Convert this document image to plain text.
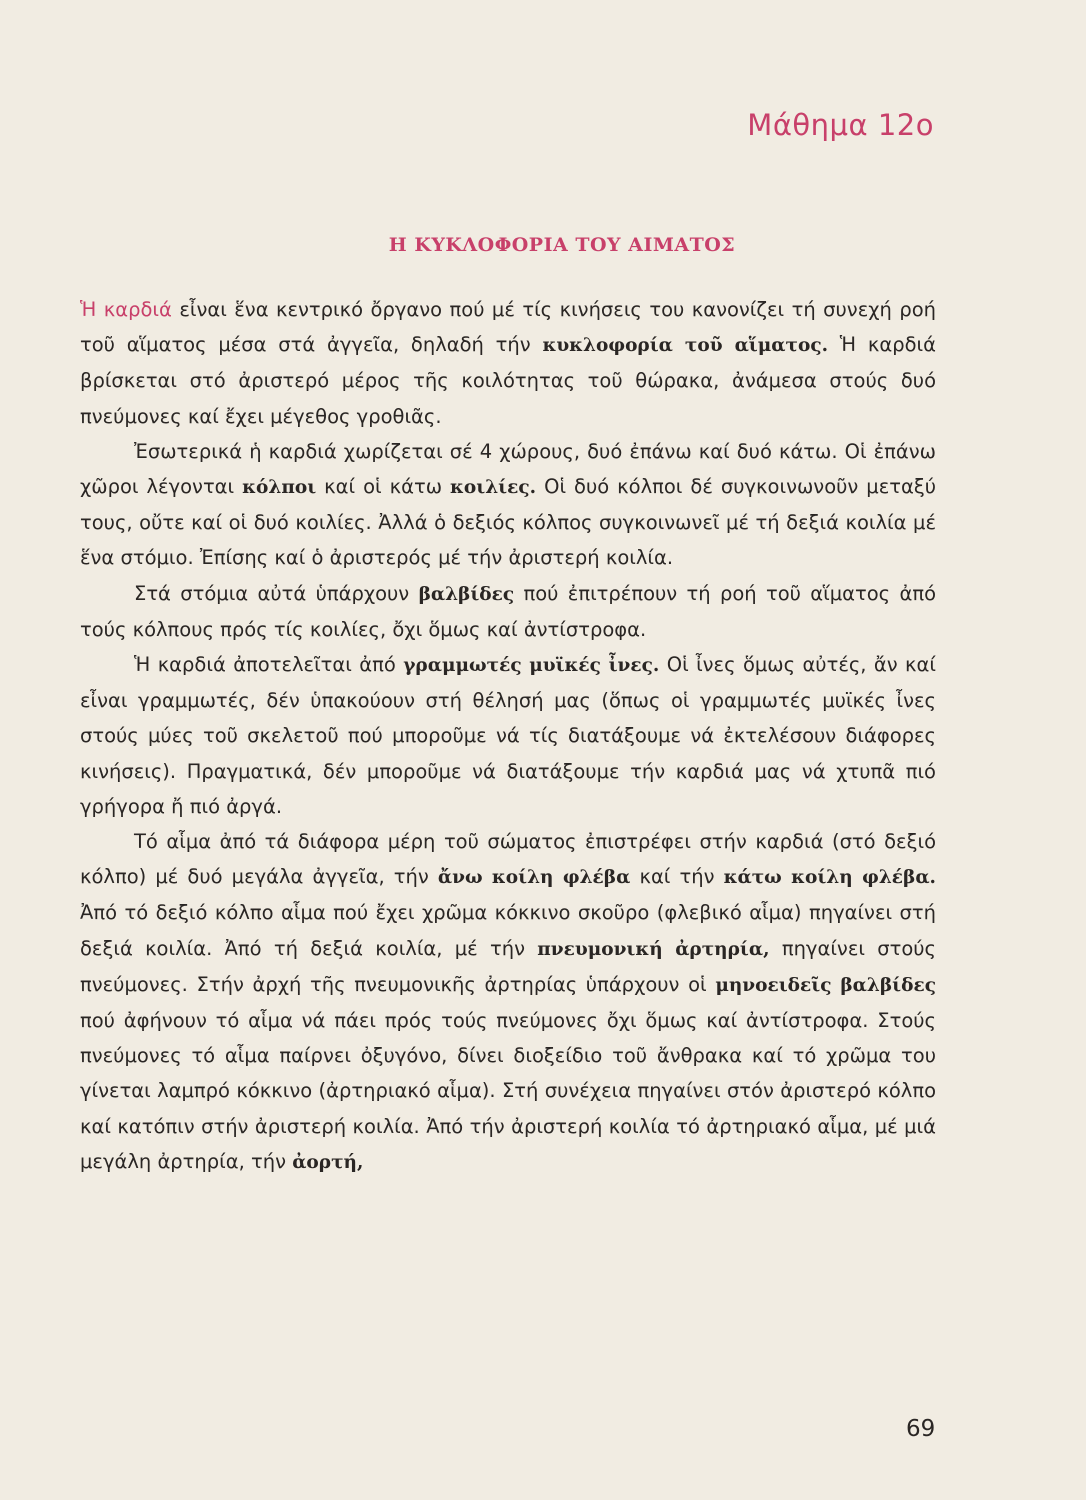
Μάθημα 12ο
Η ΚΥΚΛΟΦΟΡΙΑ ΤΟΥ ΑΙΜΑΤΟΣ

Ἡ καρδιά εἶναι ἕνα κεντρικό ὄργανο πού μέ τίς κινήσεις του κανονίζει τή συνεχή ροή τοῦ αἵματος μέσα στά ἀγγεῖα, δηλαδή τήν κυκλοφορία τοῦ αἵματος. Ἡ καρδιά βρίσκεται στό ἀριστερό μέρος τῆς κοιλότητας τοῦ θώρακα, ἀνάμεσα στούς δυό πνεύμονες καί ἔχει μέγεθος γροθιᾶς.

Ἐσωτερικά ἡ καρδιά χωρίζεται σέ 4 χώρους, δυό ἐπάνω καί δυό κάτω. Οἱ ἐπάνω χῶροι λέγονται κόλποι καί οἱ κάτω κοιλίες. Οἱ δυό κόλποι δέ συγκοινωνοῦν μεταξύ τους, οὔτε καί οἱ δυό κοιλίες. Ἀλλά ὁ δεξιός κόλπος συγκοινωνεῖ μέ τή δεξιά κοιλία μέ ἕνα στόμιο. Ἐπίσης καί ὁ ἀριστερός μέ τήν ἀριστερή κοιλία.

Στά στόμια αὐτά ὑπάρχουν βαλβίδες πού ἐπιτρέπουν τή ροή τοῦ αἵματος ἀπό τούς κόλπους πρός τίς κοιλίες, ὄχι ὅμως καί ἀντίστροφα.

Ἡ καρδιά ἀποτελεῖται ἀπό γραμμωτές μυϊκές ἶνες. Οἱ ἶνες ὅμως αὐτές, ἄν καί εἶναι γραμμωτές, δέν ὑπακούουν στή θέλησή μας (ὅπως οἱ γραμμωτές μυϊκές ἶνες στούς μύες τοῦ σκελετοῦ πού μποροῦμε νά τίς διατάξουμε νά ἐκτελέσουν διάφορες κινήσεις). Πραγματικά, δέν μποροῦμε νά διατάξουμε τήν καρδιά μας νά χτυπᾶ πιό γρήγορα ἤ πιό ἀργά.

Τό αἷμα ἀπό τά διάφορα μέρη τοῦ σώματος ἐπιστρέφει στήν καρδιά (στό δεξιό κόλπο) μέ δυό μεγάλα ἀγγεῖα, τήν ἄνω κοίλη φλέβα καί τήν κάτω κοίλη φλέβα. Ἀπό τό δεξιό κόλπο αἷμα πού ἔχει χρῶμα κόκκινο σκοῦρο (φλεβικό αἷμα) πηγαίνει στή δεξιά κοιλία. Ἀπό τή δεξιά κοιλία, μέ τήν πνευμονική ἀρτηρία, πηγαίνει στούς πνεύμονες. Στήν ἀρχή τῆς πνευμονικῆς ἀρτηρίας ὑπάρχουν οἱ μηνοειδεῖς βαλβίδες πού ἀφήνουν τό αἷμα νά πάει πρός τούς πνεύμονες ὄχι ὅμως καί ἀντίστροφα. Στούς πνεύμονες τό αἷμα παίρνει ὀξυγόνο, δίνει διοξείδιο τοῦ ἄνθρακα καί τό χρῶμα του γίνεται λαμπρό κόκκινο (ἀρτηριακό αἷμα). Στή συνέχεια πηγαίνει στόν ἀριστερό κόλπο καί κατόπιν στήν ἀριστερή κοιλία. Ἀπό τήν ἀριστερή κοιλία τό ἀρτηριακό αἷμα, μέ μιά μεγάλη ἀρτηρία, τήν ἀορτή,

69
